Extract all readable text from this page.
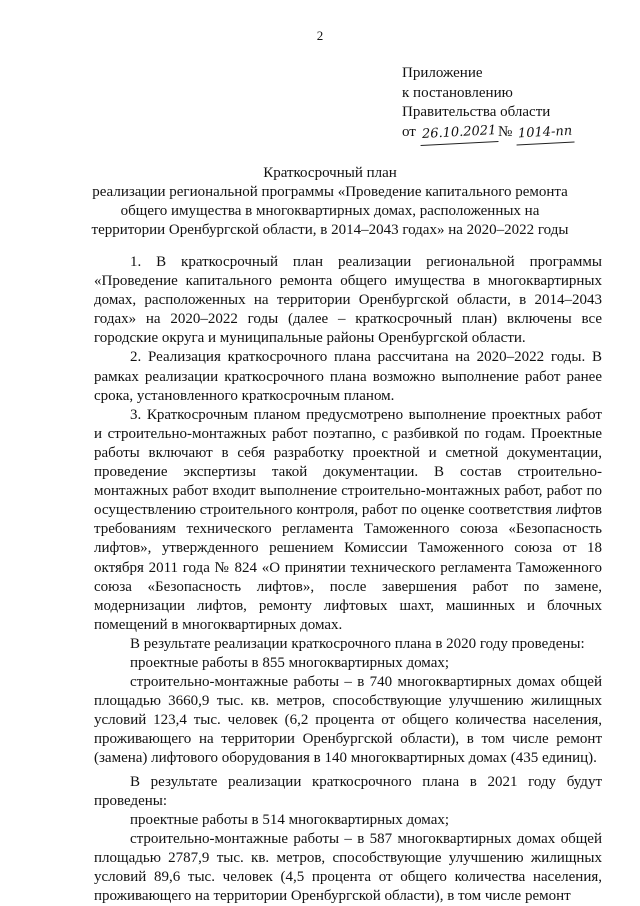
2
Приложение
к постановлению
Правительства области
от 26.10.2021 № 1014-пп
Краткосрочный план
реализации региональной программы «Проведение капитального ремонта
общего имущества в многоквартирных домах, расположенных на
территории Оренбургской области, в 2014–2043 годах» на 2020–2022 годы

1. В краткосрочный план реализации региональной программы «Проведение капитального ремонта общего имущества в многоквартирных домах, расположенных на территории Оренбургской области, в 2014–2043 годах» на 2020–2022 годы (далее – краткосрочный план) включены все городские округа и муниципальные районы Оренбургской области.

2. Реализация краткосрочного плана рассчитана на 2020–2022 годы. В рамках реализации краткосрочного плана возможно выполнение работ ранее срока, установленного краткосрочным планом.

3. Краткосрочным планом предусмотрено выполнение проектных работ и строительно-монтажных работ поэтапно, с разбивкой по годам. Проектные работы включают в себя разработку проектной и сметной документации, проведение экспертизы такой документации. В состав строительно-монтажных работ входит выполнение строительно-монтажных работ, работ по осуществлению строительного контроля, работ по оценке соответствия лифтов требованиям технического регламента Таможенного союза «Безопасность лифтов», утвержденного решением Комиссии Таможенного союза от 18 октября 2011 года № 824 «О принятии технического регламента Таможенного союза «Безопасность лифтов», после завершения работ по замене, модернизации лифтов, ремонту лифтовых шахт, машинных и блочных помещений в многоквартирных домах.

В результате реализации краткосрочного плана в 2020 году проведены:

проектные работы в 855 многоквартирных домах;

строительно-монтажные работы – в 740 многоквартирных домах общей площадью 3660,9 тыс. кв. метров, способствующие улучшению жилищных условий 123,4 тыс. человек (6,2 процента от общего количества населения, проживающего на территории Оренбургской области), в том числе ремонт (замена) лифтового оборудования в 140 многоквартирных домах (435 единиц).

В результате реализации краткосрочного плана в 2021 году будут проведены:

проектные работы в 514 многоквартирных домах;

строительно-монтажные работы – в 587 многоквартирных домах общей площадью 2787,9 тыс. кв. метров, способствующие улучшению жилищных условий 89,6 тыс. человек (4,5 процента от общего количества населения, проживающего на территории Оренбургской области), в том числе ремонт
